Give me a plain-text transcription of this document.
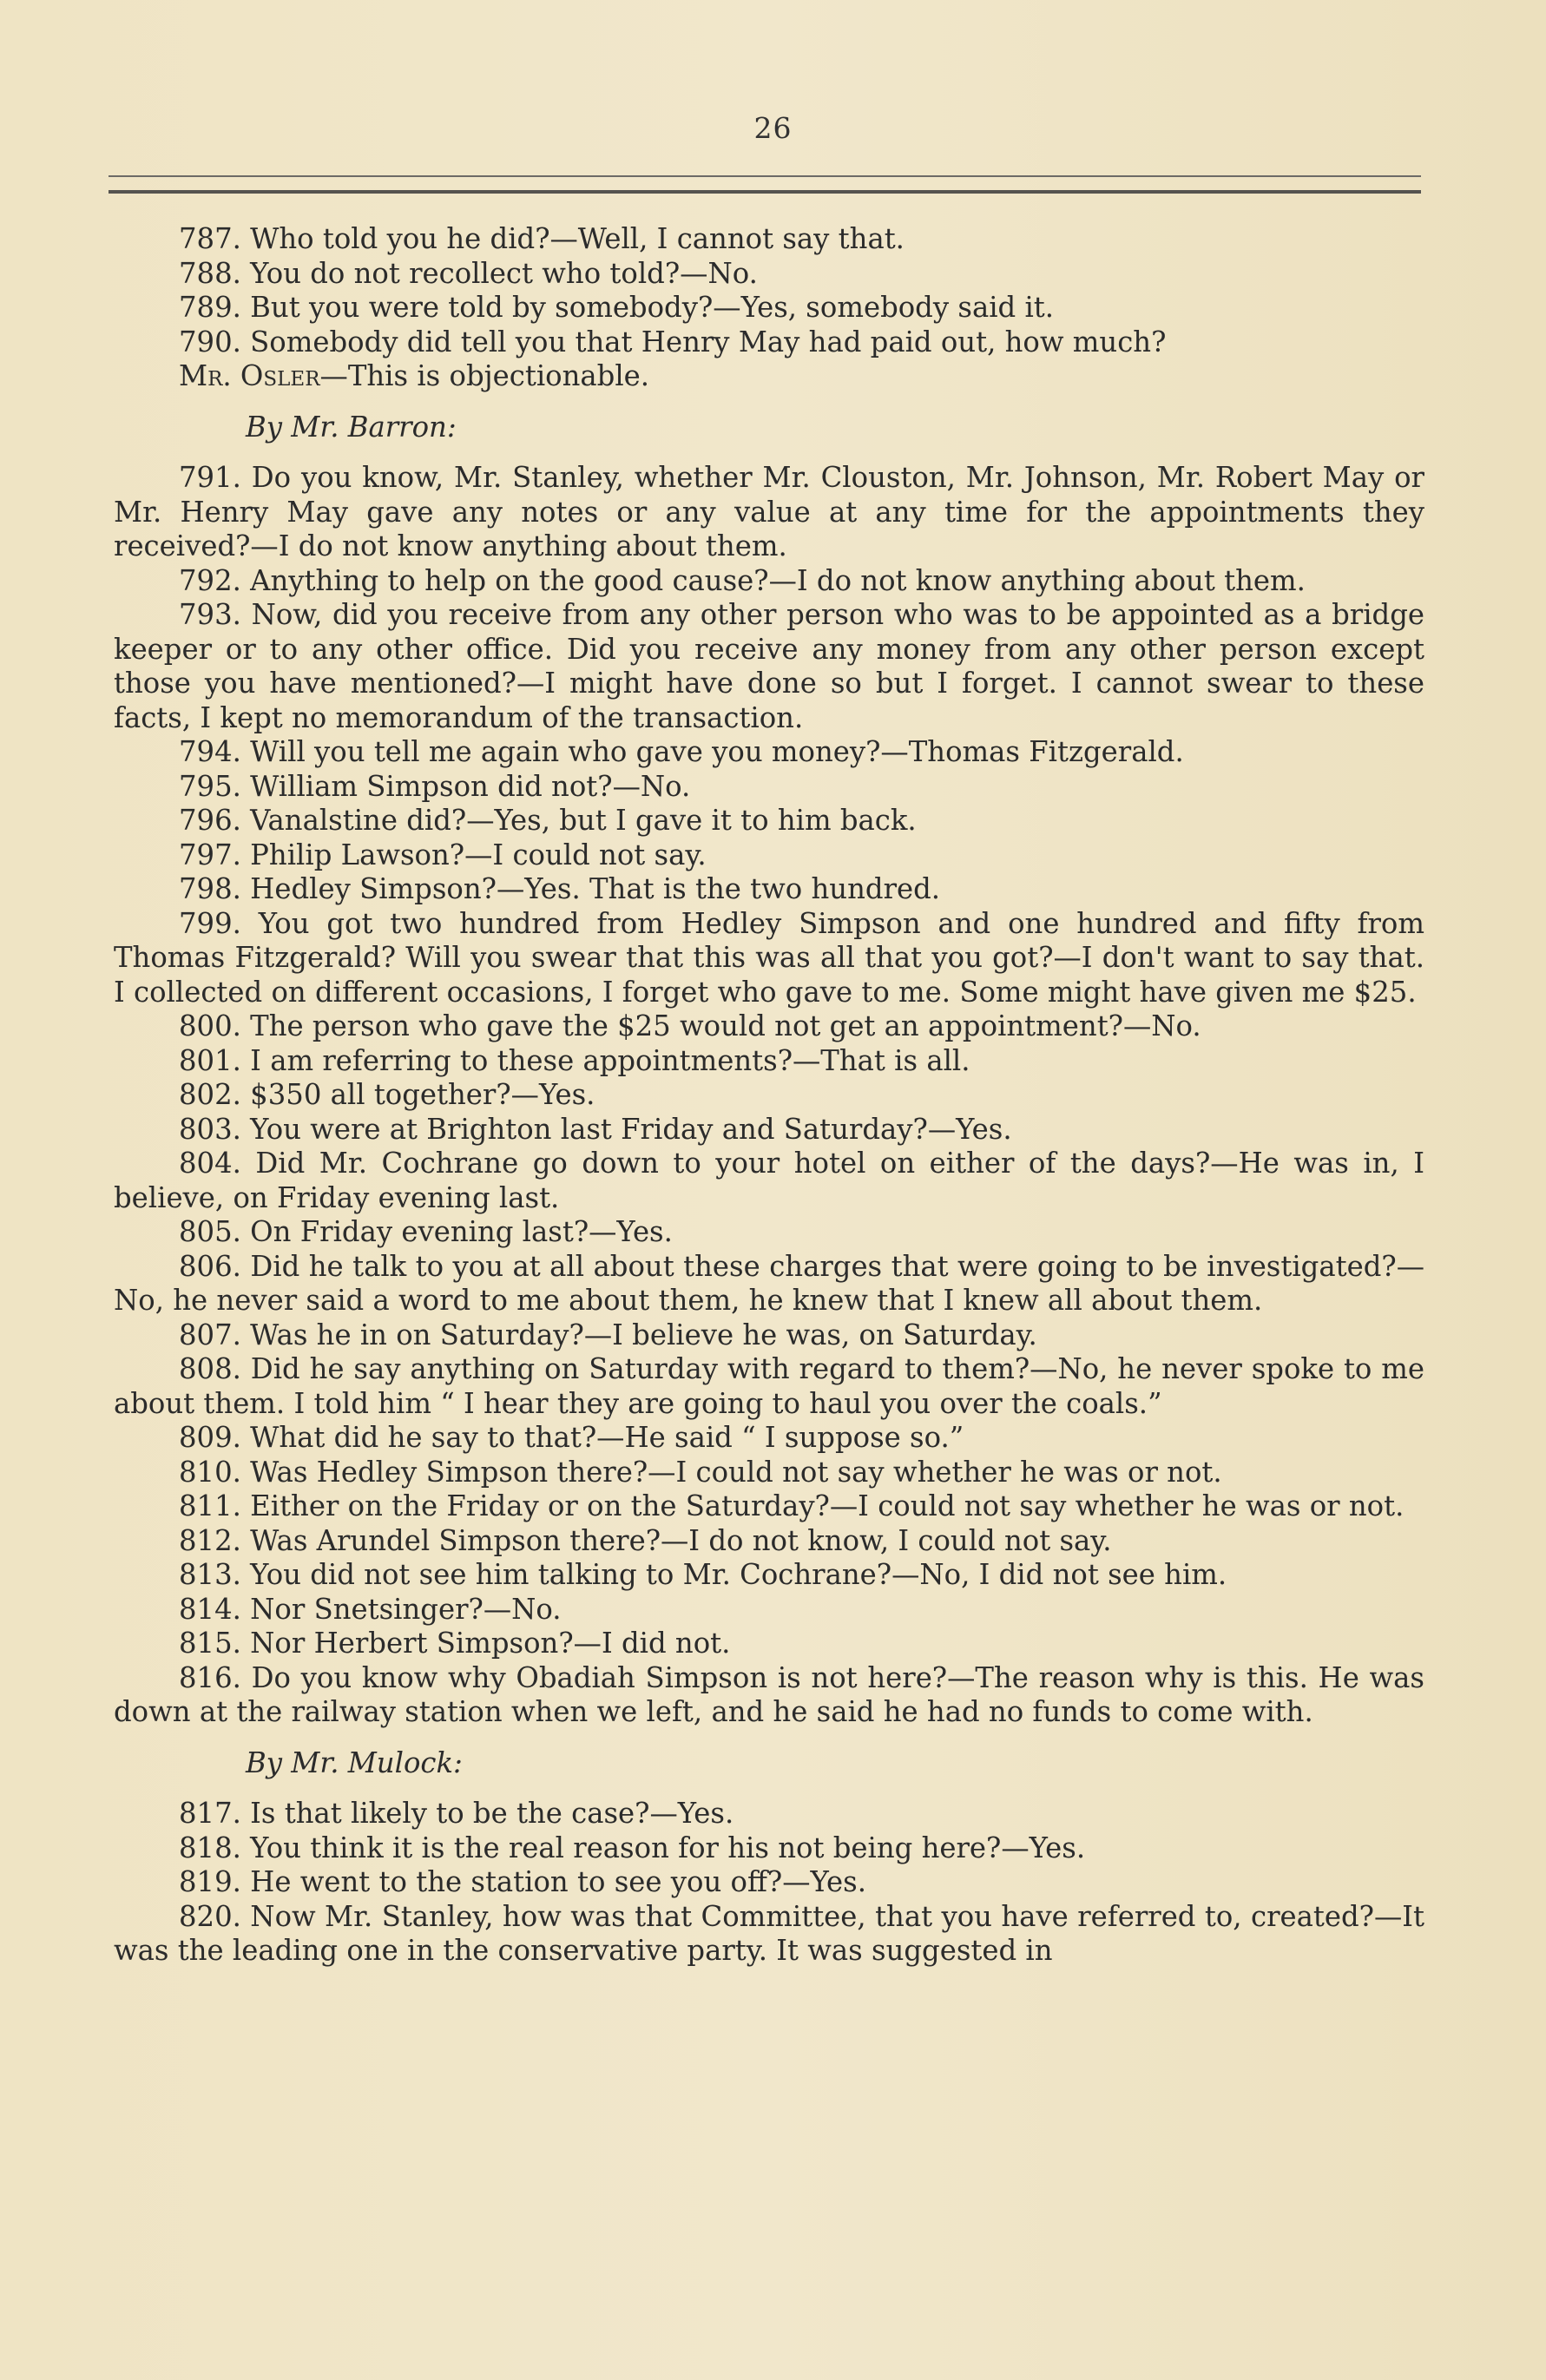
26

787. Who told you he did?—Well, I cannot say that.

788. You do not recollect who told?—No.

789. But you were told by somebody?—Yes, somebody said it.

790. Somebody did tell you that Henry May had paid out, how much?

Mr. Osler—This is objectionable.

By Mr. Barron:

791. Do you know, Mr. Stanley, whether Mr. Clouston, Mr. Johnson, Mr. Robert May or Mr. Henry May gave any notes or any value at any time for the appointments they received?—I do not know anything about them.

792. Anything to help on the good cause?—I do not know anything about them.

793. Now, did you receive from any other person who was to be appointed as a bridge keeper or to any other office. Did you receive any money from any other person except those you have mentioned?—I might have done so but I forget. I cannot swear to these facts, I kept no memorandum of the transaction.

794. Will you tell me again who gave you money?—Thomas Fitzgerald.

795. William Simpson did not?—No.

796. Vanalstine did?—Yes, but I gave it to him back.

797. Philip Lawson?—I could not say.

798. Hedley Simpson?—Yes. That is the two hundred.

799. You got two hundred from Hedley Simpson and one hundred and fifty from Thomas Fitzgerald? Will you swear that this was all that you got?—I don't want to say that. I collected on different occasions, I forget who gave to me. Some might have given me $25.

800. The person who gave the $25 would not get an appointment?—No.

801. I am referring to these appointments?—That is all.

802. $350 all together?—Yes.

803. You were at Brighton last Friday and Saturday?—Yes.

804. Did Mr. Cochrane go down to your hotel on either of the days?—He was in, I believe, on Friday evening last.

805. On Friday evening last?—Yes.

806. Did he talk to you at all about these charges that were going to be investigated?—No, he never said a word to me about them, he knew that I knew all about them.

807. Was he in on Saturday?—I believe he was, on Saturday.

808. Did he say anything on Saturday with regard to them?—No, he never spoke to me about them. I told him “ I hear they are going to haul you over the coals.”

809. What did he say to that?—He said “ I suppose so.”

810. Was Hedley Simpson there?—I could not say whether he was or not.

811. Either on the Friday or on the Saturday?—I could not say whether he was or not.

812. Was Arundel Simpson there?—I do not know, I could not say.

813. You did not see him talking to Mr. Cochrane?—No, I did not see him.

814. Nor Snetsinger?—No.

815. Nor Herbert Simpson?—I did not.

816. Do you know why Obadiah Simpson is not here?—The reason why is this. He was down at the railway station when we left, and he said he had no funds to come with.

By Mr. Mulock:

817. Is that likely to be the case?—Yes.

818. You think it is the real reason for his not being here?—Yes.

819. He went to the station to see you off?—Yes.

820. Now Mr. Stanley, how was that Committee, that you have referred to, created?—It was the leading one in the conservative party. It was suggested in
